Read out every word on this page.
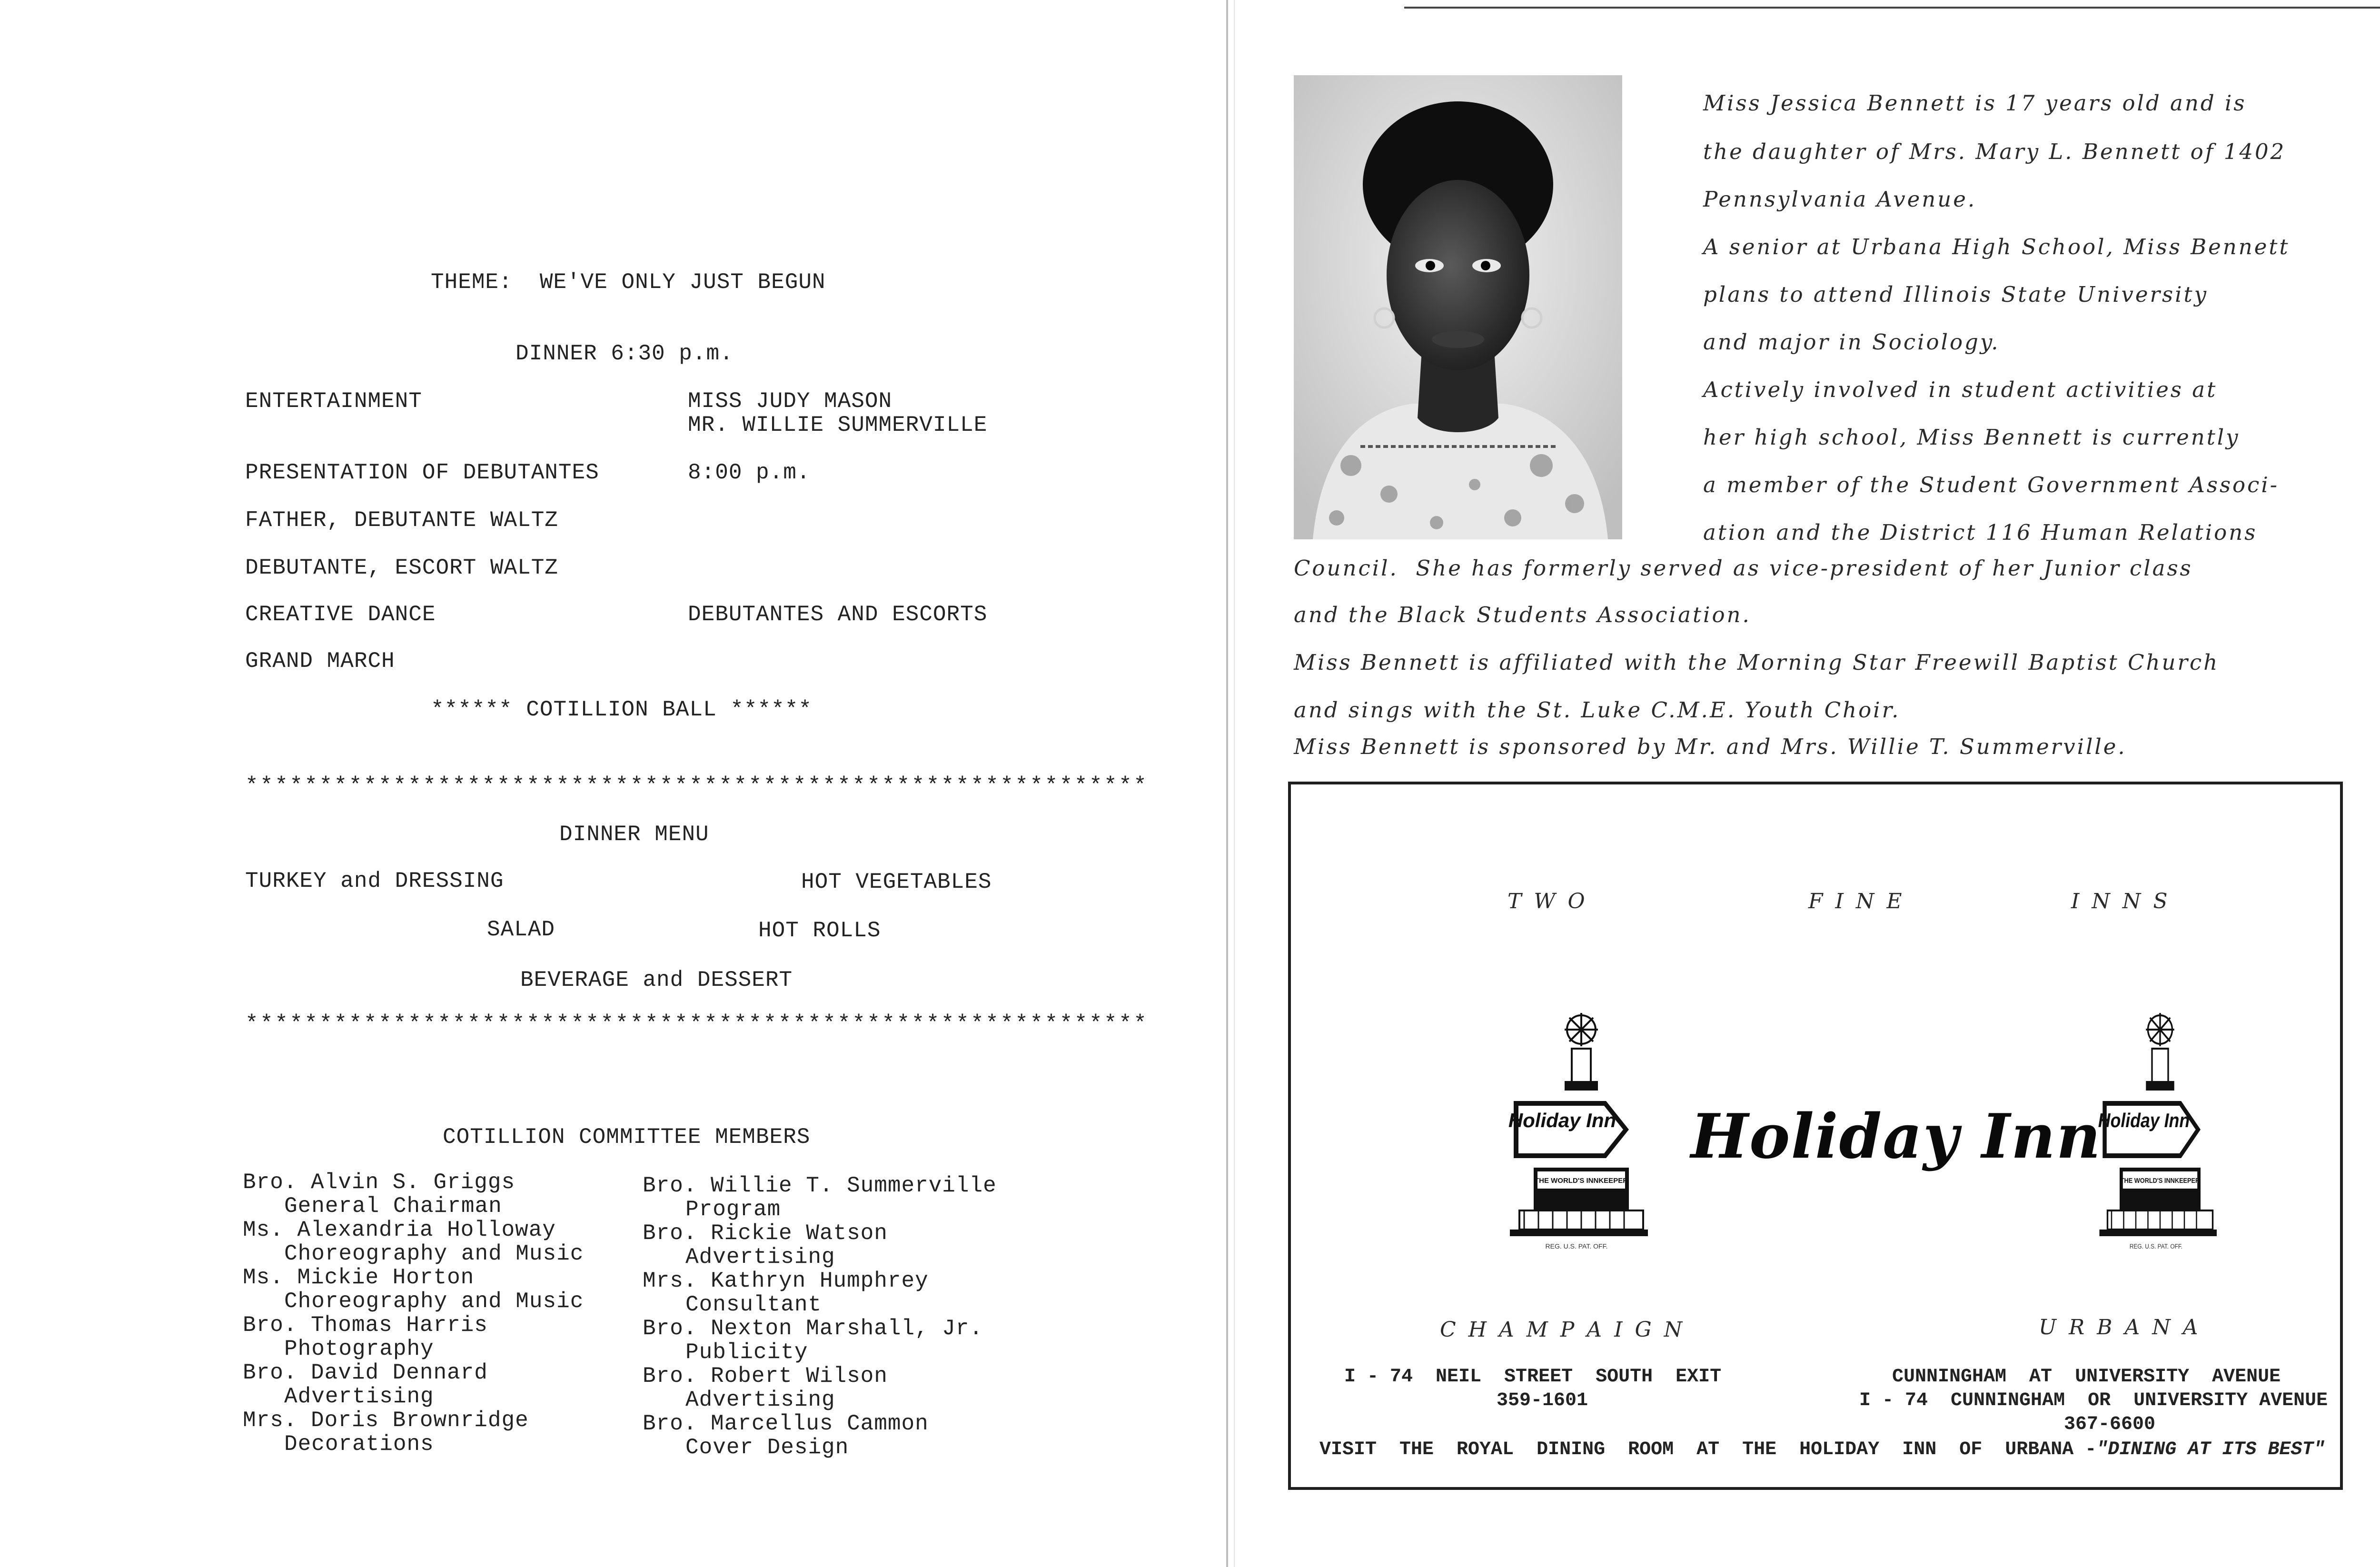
THEME:  WE'VE ONLY JUST BEGUN
DINNER 6:30 p.m.
ENTERTAINMENT	MISS JUDY MASON
MR. WILLIE SUMMERVILLE
PRESENTATION OF DEBUTANTES	8:00 p.m.
FATHER, DEBUTANTE WALTZ
DEBUTANTE, ESCORT WALTZ
CREATIVE DANCE	DEBUTANTES AND ESCORTS
GRAND MARCH
****** COTILLION BALL ******
*************************************************************
DINNER MENU
TURKEY and DRESSING	HOT VEGETABLES
SALAD	HOT ROLLS
BEVERAGE and DESSERT
*************************************************************
COTILLION COMMITTEE MEMBERS
Bro. Alvin S. Griggs
General Chairman
Ms. Alexandria Holloway
Choreography and Music
Ms. Mickie Horton
Choreography and Music
Bro. Thomas Harris
Photography
Bro. David Dennard
Advertising
Mrs. Doris Brownridge
Decorations
Bro. Willie T. Summerville
Program
Bro. Rickie Watson
Advertising
Mrs. Kathryn Humphrey
Consultant
Bro. Nexton Marshall, Jr.
Publicity
Bro. Robert Wilson
Advertising
Bro. Marcellus Cammon
Cover Design
Miss Jessica Bennett is 17 years old and is
the daughter of Mrs. Mary L. Bennett of 1402
Pennsylvania Avenue.
A senior at Urbana High School, Miss Bennett
plans to attend Illinois State University
and major in Sociology.
Actively involved in student activities at
her high school, Miss Bennett is currently
a member of the Student Government Associ-
ation and the District 116 Human Relations
Council.  She has formerly served as vice-president of her Junior class
and the Black Students Association.
Miss Bennett is affiliated with the Morning Star Freewill Baptist Church
and sings with the St. Luke C.M.E. Youth Choir.
Miss Bennett is sponsored by Mr. and Mrs. Willie T. Summerville.
T W O	F I N E	I N N S
Holiday Inn
THE WORLD'S INNKEEPER
REG. U.S. PAT. OFF.
Holiday Inn
Holiday Inn
THE WORLD'S INNKEEPER
REG. U.S. PAT. OFF.
C H A M P A I G N	U R B A N A
I - 74  NEIL  STREET  SOUTH  EXIT
359-1601
CUNNINGHAM  AT  UNIVERSITY  AVENUE
I - 74  CUNNINGHAM  OR  UNIVERSITY AVENUE
367-6600
VISIT  THE  ROYAL  DINING  ROOM  AT  THE  HOLIDAY  INN  OF  URBANA -"DINING AT ITS BEST"
